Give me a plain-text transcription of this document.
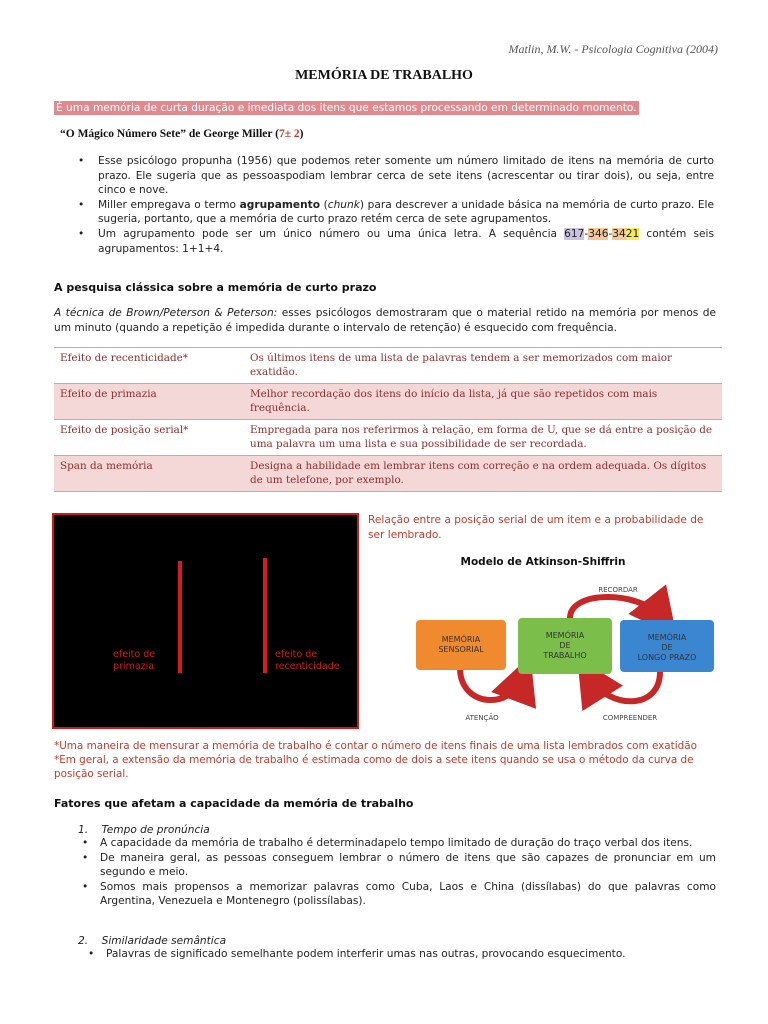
Matlin, M.W. - Psicologia Cognitiva (2004)
MEMÓRIA DE TRABALHO
É uma memória de curta duração e imediata dos itens que estamos processando em determinado momento.
“O Mágico Número Sete” de George Miller (7± 2)
• Esse psicólogo propunha (1956) que podemos reter somente um número limitado de itens na memória de curto prazo. Ele sugeria que as pessoaspodiam lembrar cerca de sete itens (acrescentar ou tirar dois), ou seja, entre cinco e nove.
• Miller empregava o termo agrupamento (chunk) para descrever a unidade básica na memória de curto prazo. Ele sugeria, portanto, que a memória de curto prazo retém cerca de sete agrupamentos.
• Um agrupamento pode ser um único número ou uma única letra. A sequência 617-346-3421 contém seis agrupamentos: 1+1+4.
A pesquisa clássica sobre a memória de curto prazo
A técnica de Brown/Peterson & Peterson: esses psicólogos demostraram que o material retido na memória por menos de um minuto (quando a repetição é impedida durante o intervalo de retenção) é esquecido com frequência.
Efeito de recenticidade*	Os últimos itens de uma lista de palavras tendem a ser memorizados com maior exatidão.
Efeito de primazia	Melhor recordação dos itens do início da lista, já que são repetidos com mais frequência.
Efeito de posição serial*	Empregada para nos referirmos à relação, em forma de U, que se dá entre a posição de uma palavra um uma lista e sua possibilidade de ser recordada.
Span da memória	Designa a habilidade em lembrar itens com correção e na ordem adequada. Os dígitos de um telefone, por exemplo.
efeito de
primazia
efeito de
recenticidade
Relação entre a posição serial de um item e a probabilidade de ser lembrado.
Modelo de Atkinson-Shiffrin
MEMÓRIA
SENSORIAL
MEMÓRIA
DE
TRABALHO
MEMÓRIA
DE
LONGO PRAZO
RECORDAR
ATENÇÃO	COMPREENDER
*Uma maneira de mensurar a memória de trabalho é contar o número de itens finais de uma lista lembrados com exatidão
*Em geral, a extensão da memória de trabalho é estimada como de dois a sete itens quando se usa o método da curva de posição serial.
Fatores que afetam a capacidade da memória de trabalho
1. Tempo de pronúncia
• A capacidade da memória de trabalho é determinadapelo tempo limitado de duração do traço verbal dos itens.
• De maneira geral, as pessoas conseguem lembrar o número de itens que são capazes de pronunciar em um segundo e meio.
• Somos mais propensos a memorizar palavras como Cuba, Laos e China (dissílabas) do que palavras como Argentina, Venezuela e Montenegro (polissílabas).
2. Similaridade semântica
• Palavras de significado semelhante podem interferir umas nas outras, provocando esquecimento.
